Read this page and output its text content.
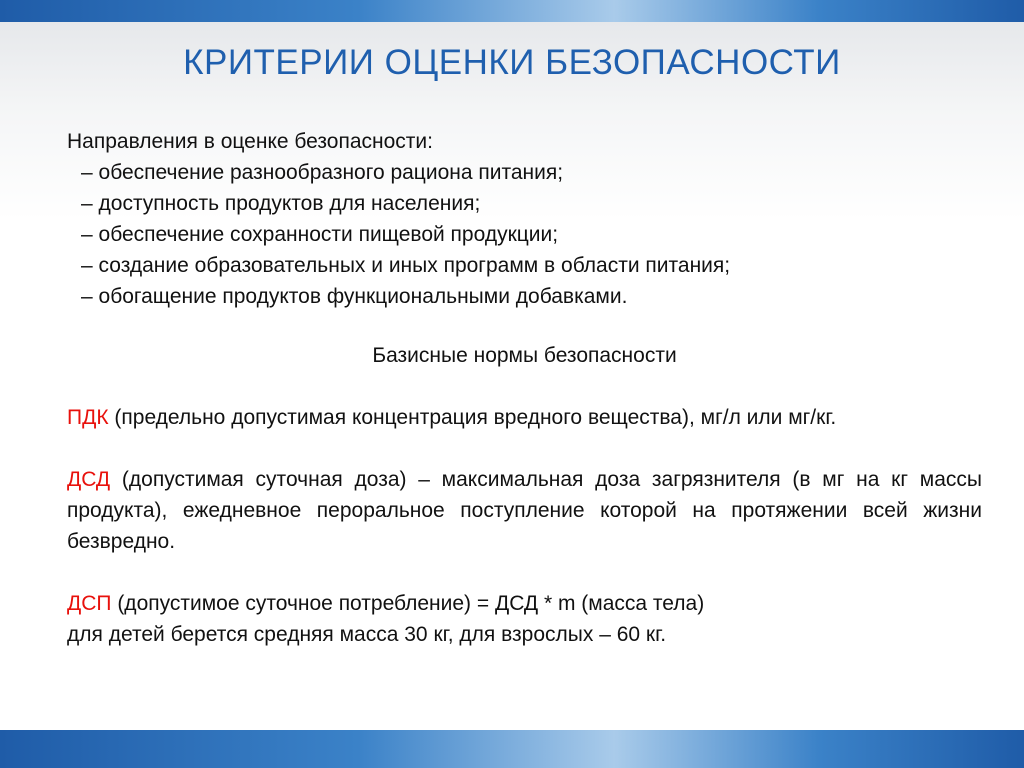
КРИТЕРИИ ОЦЕНКИ БЕЗОПАСНОСТИ

Направления в оценке безопасности:

– обеспечение разнообразного рациона питания;

– доступность продуктов для населения;

– обеспечение сохранности пищевой продукции;

– создание образовательных и иных программ в области питания;

– обогащение продуктов функциональными добавками.

Базисные нормы безопасности

ПДК (предельно допустимая концентрация вредного вещества), мг/л или мг/кг.

ДСД (допустимая суточная доза) – максимальная доза загрязнителя (в мг на кг массы продукта), ежедневное пероральное поступление которой на протяжении всей жизни безвредно.

ДСП (допустимое суточное потребление) = ДСД * m (масса тела)

для детей берется средняя масса 30 кг, для взрослых – 60 кг.
